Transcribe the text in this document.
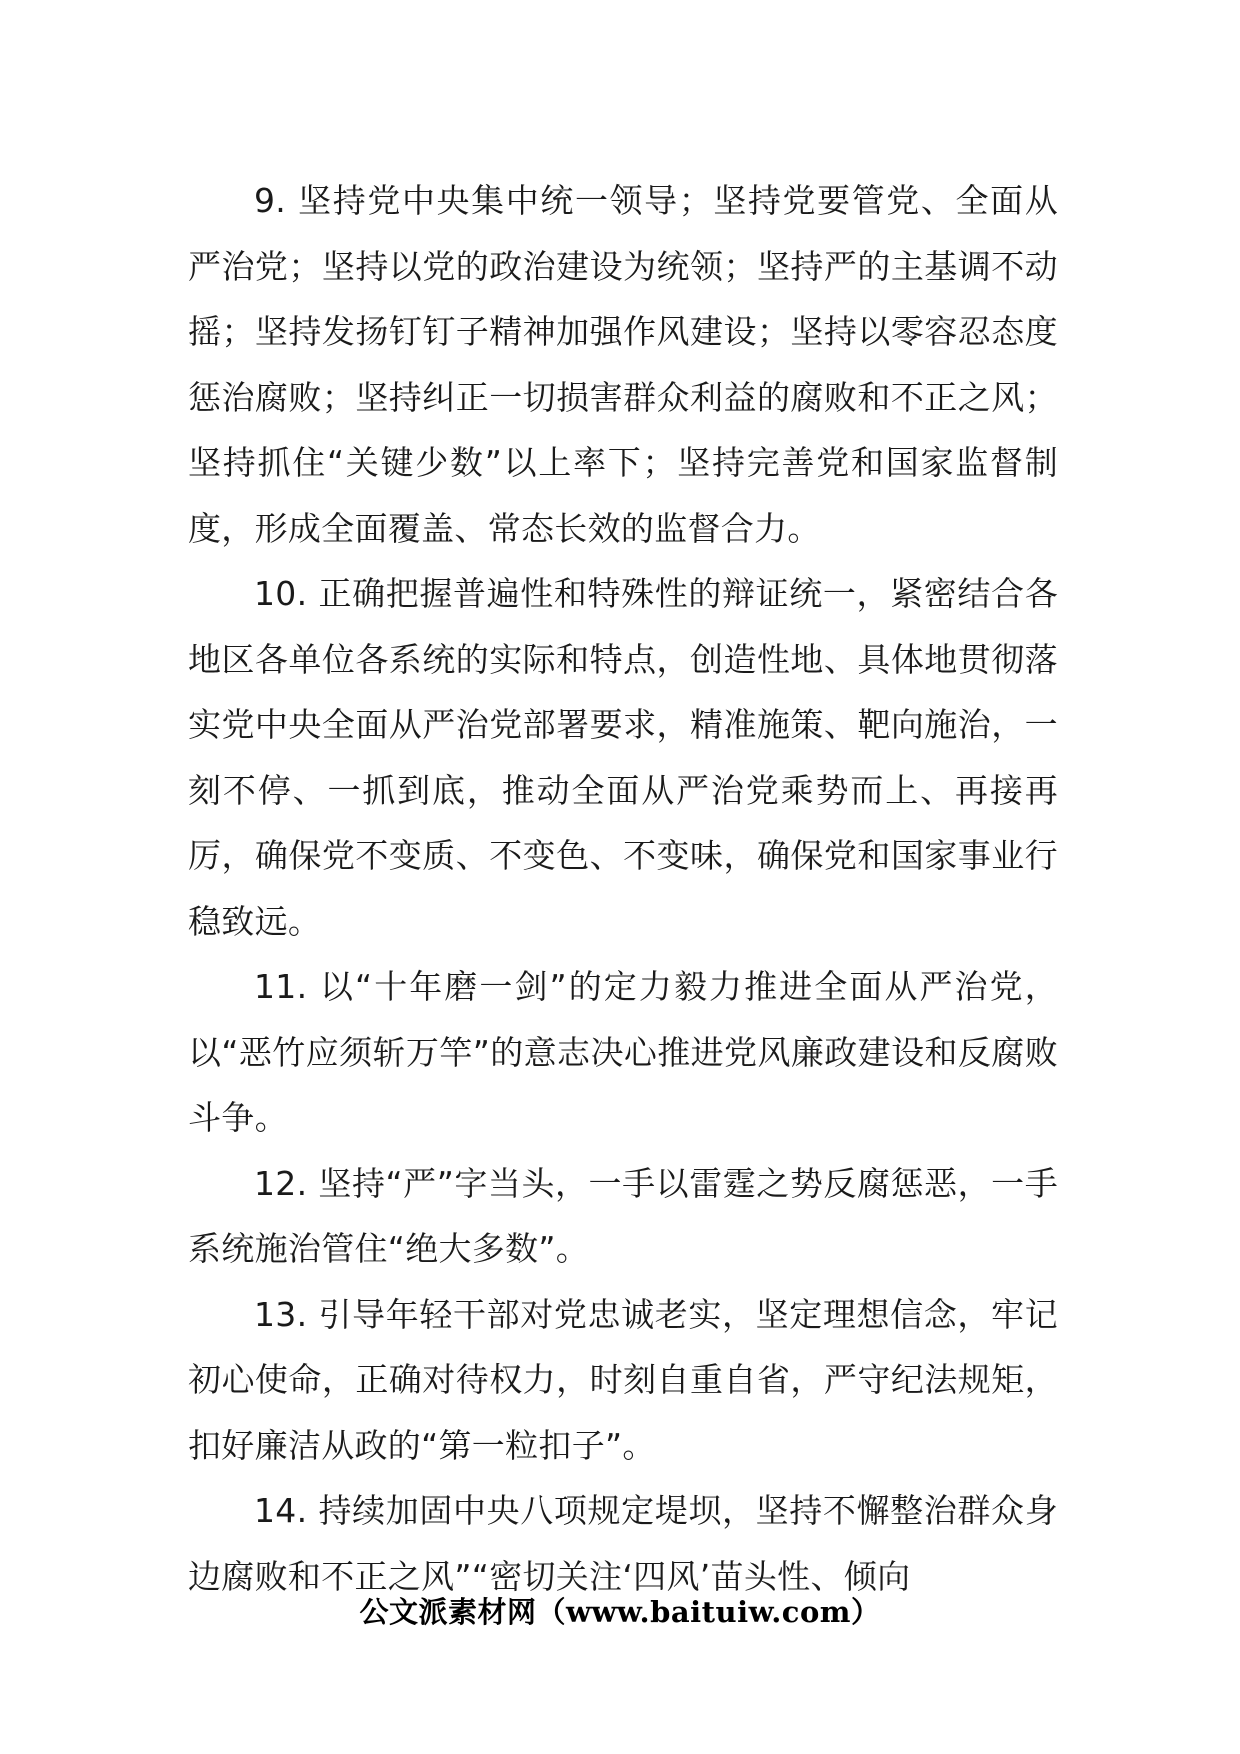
9. 坚持党中央集中统一领导；坚持党要管党、全面从严治党；坚持以党的政治建设为统领；坚持严的主基调不动摇；坚持发扬钉钉子精神加强作风建设；坚持以零容忍态度惩治腐败；坚持纠正一切损害群众利益的腐败和不正之风；坚持抓住“关键少数”以上率下；坚持完善党和国家监督制度，形成全面覆盖、常态长效的监督合力。

10. 正确把握普遍性和特殊性的辩证统一，紧密结合各地区各单位各系统的实际和特点，创造性地、具体地贯彻落实党中央全面从严治党部署要求，精准施策、靶向施治，一刻不停、一抓到底，推动全面从严治党乘势而上、再接再厉，确保党不变质、不变色、不变味，确保党和国家事业行稳致远。

11. 以“十年磨一剑”的定力毅力推进全面从严治党，以“恶竹应须斩万竿”的意志决心推进党风廉政建设和反腐败斗争。

12. 坚持“严”字当头，一手以雷霆之势反腐惩恶，一手系统施治管住“绝大多数”。

13. 引导年轻干部对党忠诚老实，坚定理想信念，牢记初心使命，正确对待权力，时刻自重自省，严守纪法规矩，扣好廉洁从政的“第一粒扣子”。

14. 持续加固中央八项规定堤坝，坚持不懈整治群众身边腐败和不正之风”“密切关注‘四风’苗头性、倾向

公文派素材网（www.baituiw.com）
